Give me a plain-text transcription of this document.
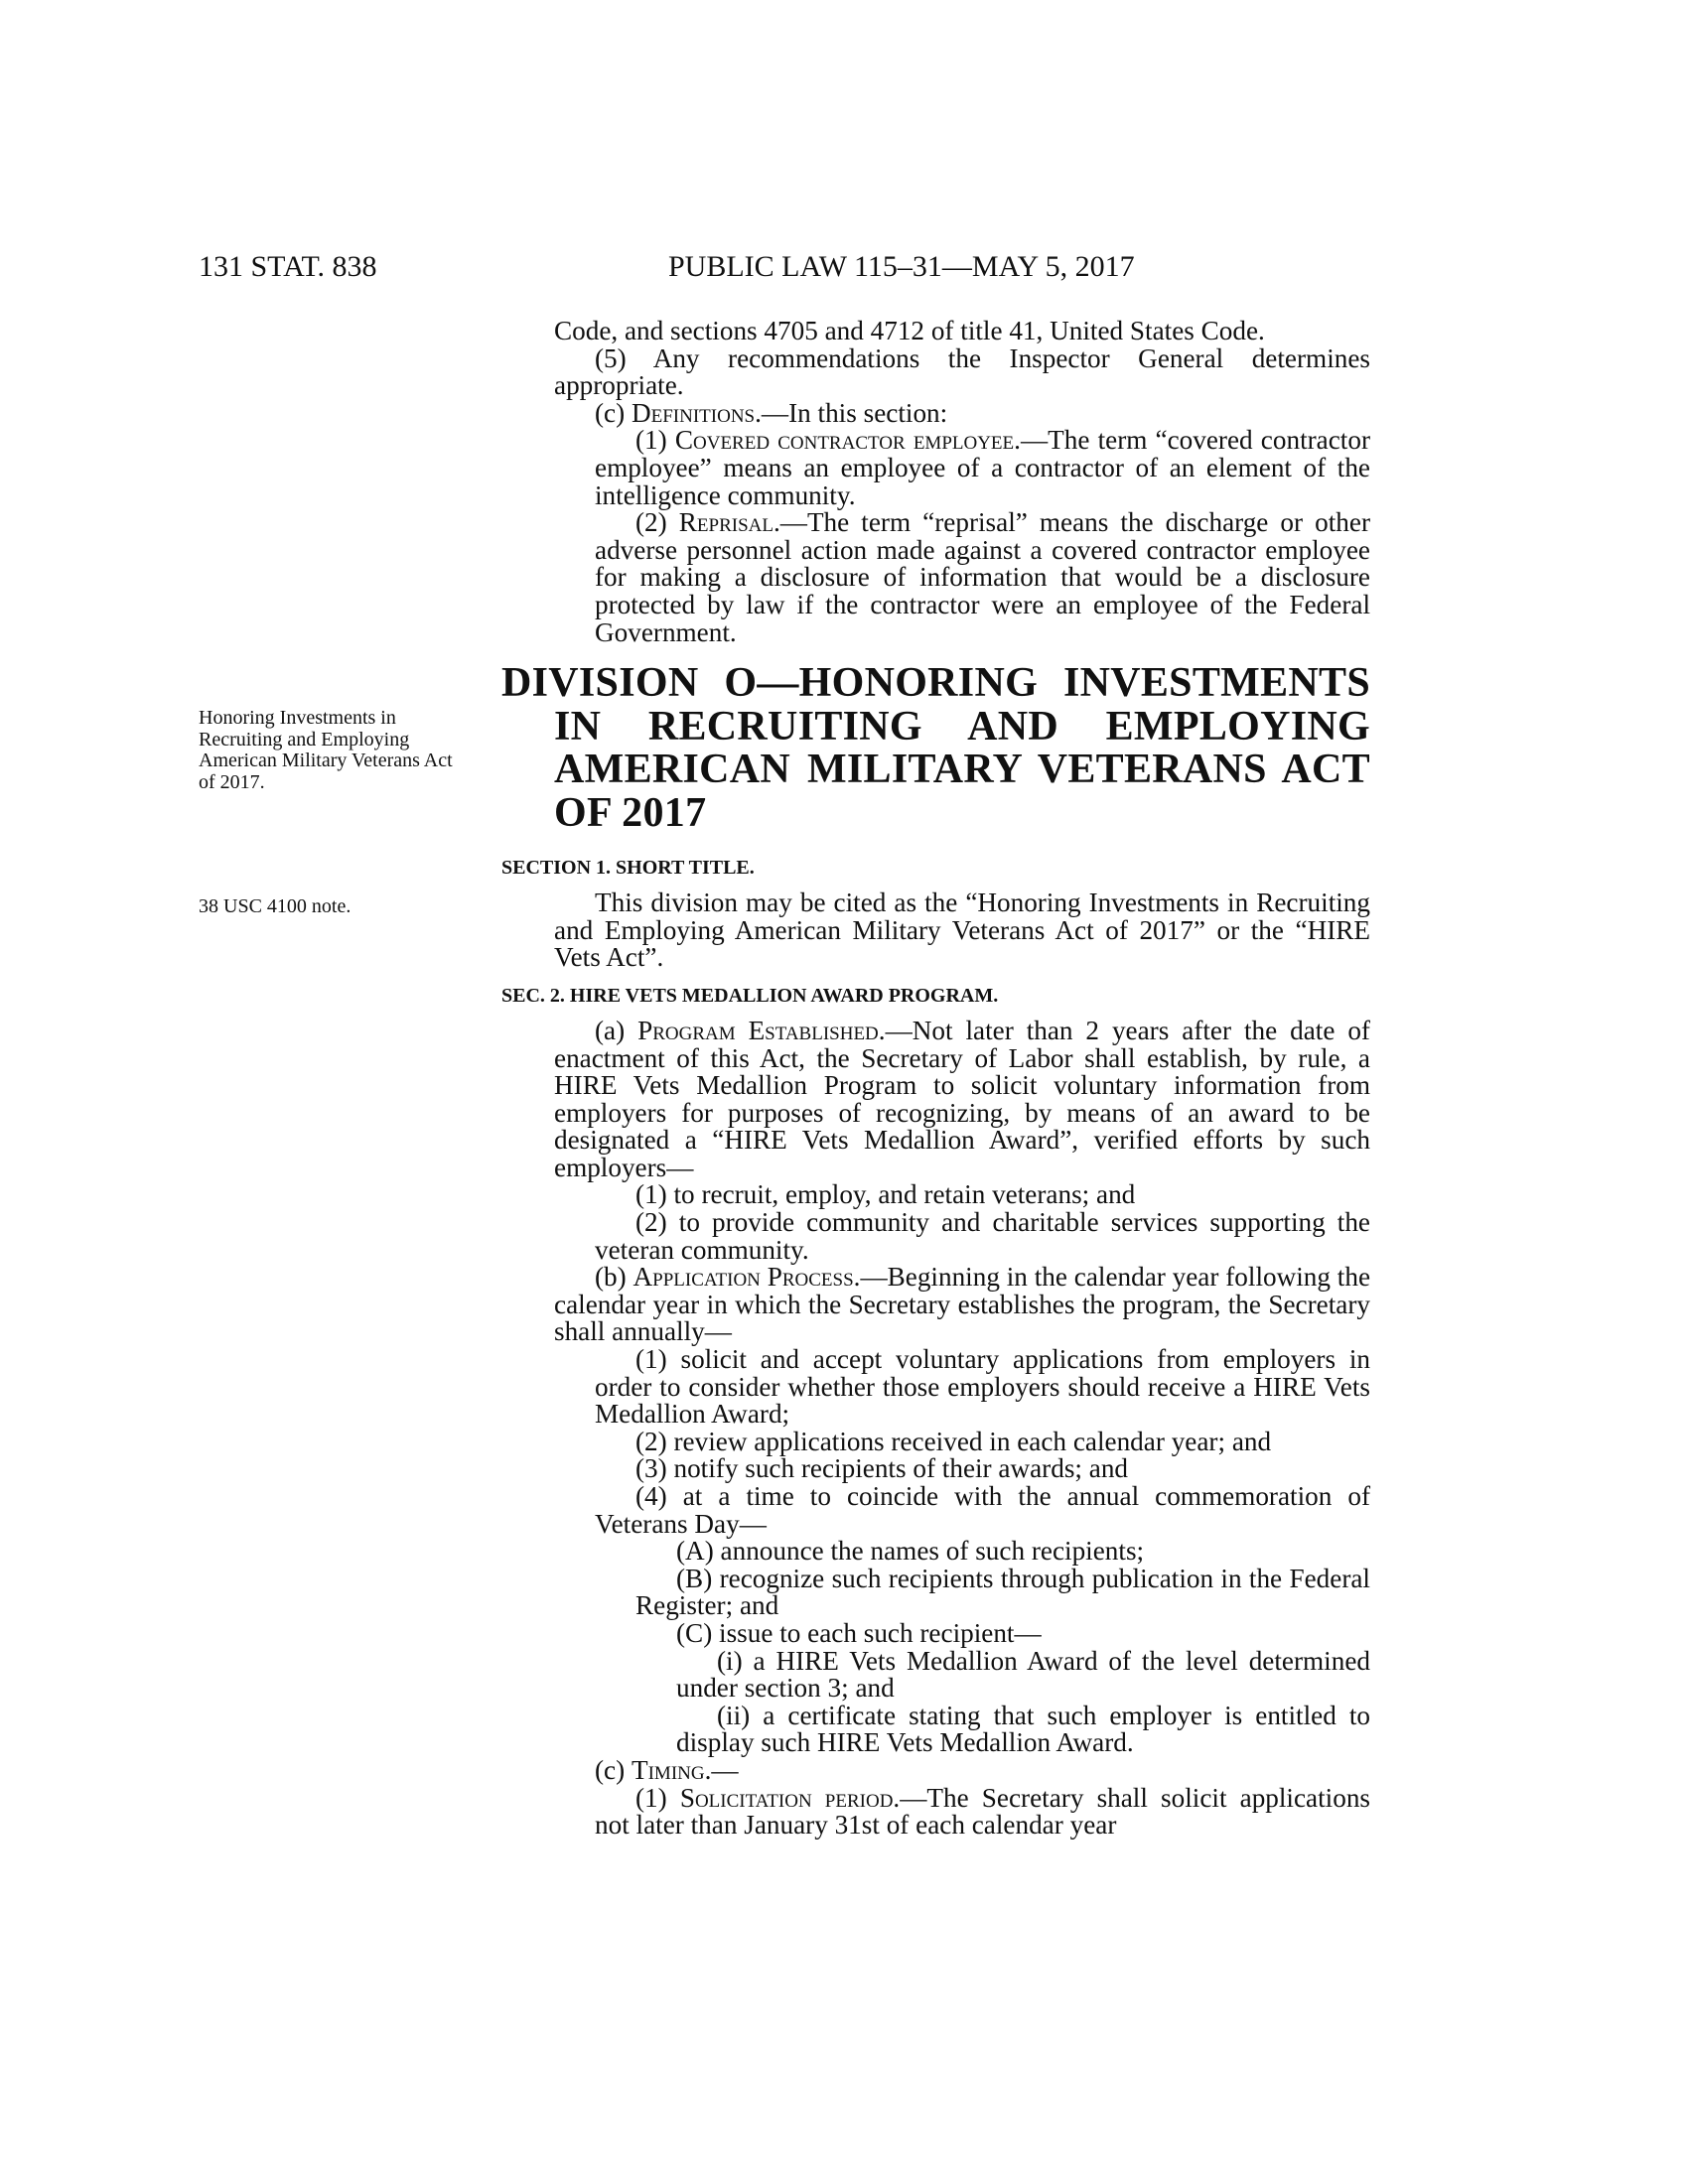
131 STAT. 838	PUBLIC LAW 115–31—MAY 5, 2017
Honoring Investments in Recruiting and Employing American Military Veterans Act of 2017.
38 USC 4100 note.

Code, and sections 4705 and 4712 of title 41, United States Code.

(5) Any recommendations the Inspector General determines appropriate.

(c) Definitions.—In this section:

(1) Covered contractor employee.—The term “covered contractor employee” means an employee of a contractor of an element of the intelligence community.

(2) Reprisal.—The term “reprisal” means the discharge or other adverse personnel action made against a covered contractor employee for making a disclosure of information that would be a disclosure protected by law if the contractor were an employee of the Federal Government.

DIVISION O—HONORING INVESTMENTS IN RECRUITING AND EMPLOYING AMERICAN MILITARY VETERANS ACT OF 2017
SECTION 1. SHORT TITLE.

This division may be cited as the “Honoring Investments in Recruiting and Employing American Military Veterans Act of 2017” or the “HIRE Vets Act”.

SEC. 2. HIRE VETS MEDALLION AWARD PROGRAM.

(a) Program Established.—Not later than 2 years after the date of enactment of this Act, the Secretary of Labor shall establish, by rule, a HIRE Vets Medallion Program to solicit voluntary information from employers for purposes of recognizing, by means of an award to be designated a “HIRE Vets Medallion Award”, verified efforts by such employers—

(1) to recruit, employ, and retain veterans; and

(2) to provide community and charitable services supporting the veteran community.

(b) Application Process.—Beginning in the calendar year following the calendar year in which the Secretary establishes the program, the Secretary shall annually—

(1) solicit and accept voluntary applications from employers in order to consider whether those employers should receive a HIRE Vets Medallion Award;

(2) review applications received in each calendar year; and

(3) notify such recipients of their awards; and

(4) at a time to coincide with the annual commemoration of Veterans Day—

(A) announce the names of such recipients;

(B) recognize such recipients through publication in the Federal Register; and

(C) issue to each such recipient—

(i) a HIRE Vets Medallion Award of the level determined under section 3; and

(ii) a certificate stating that such employer is entitled to display such HIRE Vets Medallion Award.

(c) Timing.—

(1) Solicitation period.—The Secretary shall solicit applications not later than January 31st of each calendar year
